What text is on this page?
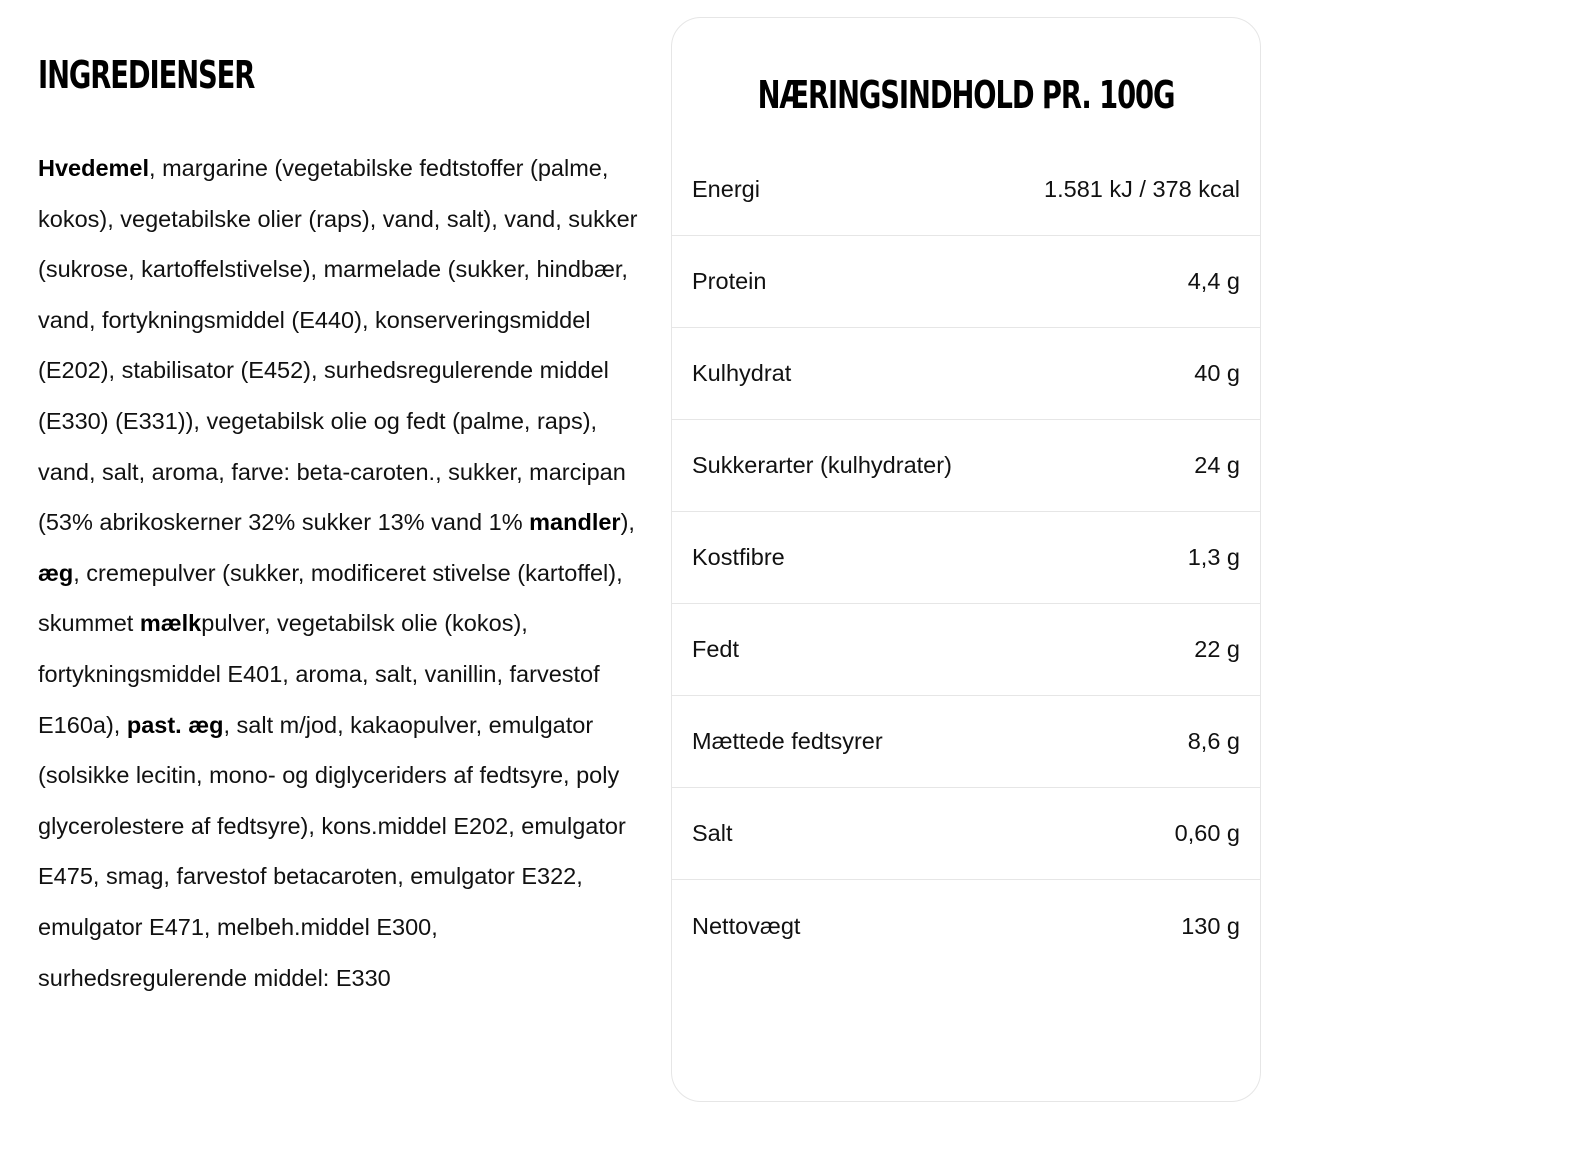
INGREDIENSER

Hvedemel, margarine (vegetabilske fedtstoffer (palme, kokos), vegetabilske olier (raps), vand, salt), vand, sukker (sukrose, kartoffelstivelse), marmelade (sukker, hindbær, vand, fortykningsmiddel (E440), konserveringsmiddel (E202), stabilisator (E452), surhedsregulerende middel (E330) (E331)), vegetabilsk olie og fedt (palme, raps), vand, salt, aroma, farve: beta-caroten., sukker, marcipan (53% abrikoskerner 32% sukker 13% vand 1% mandler), æg, cremepulver (sukker, modificeret stivelse (kartoffel), skummet mælkpulver, vegetabilsk olie (kokos), fortykningsmiddel E401, aroma, salt, vanillin, farvestof E160a), past. æg, salt m/jod, kakaopulver, emulgator (solsikke lecitin, mono- og diglyceriders af fedtsyre, poly glycerolestere af fedtsyre), kons.middel E202, emulgator E475, smag, farvestof betacaroten, emulgator E322, emulgator E471, melbeh.middel E300, surhedsregulerende middel: E330

NÆRINGSINDHOLD PR. 100G
Energi	1.581 kJ / 378 kcal
Protein	4,4 g
Kulhydrat	40 g
Sukkerarter (kulhydrater)	24 g
Kostfibre	1,3 g
Fedt	22 g
Mættede fedtsyrer	8,6 g
Salt	0,60 g
Nettovægt	130 g
